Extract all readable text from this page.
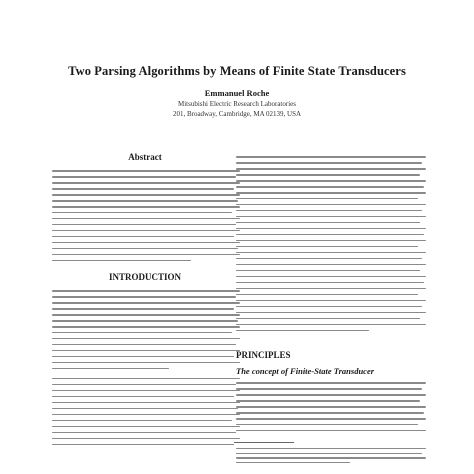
Two Parsing Algorithms by Means of Finite State Transducers
Emmanuel Roche
Mitsubishi Electric Research Laboratories
201, Broadway, Cambridge, MA 02139, USA
Abstract
INTRODUCTION
PRINCIPLES
The concept of Finite-State Transducer
